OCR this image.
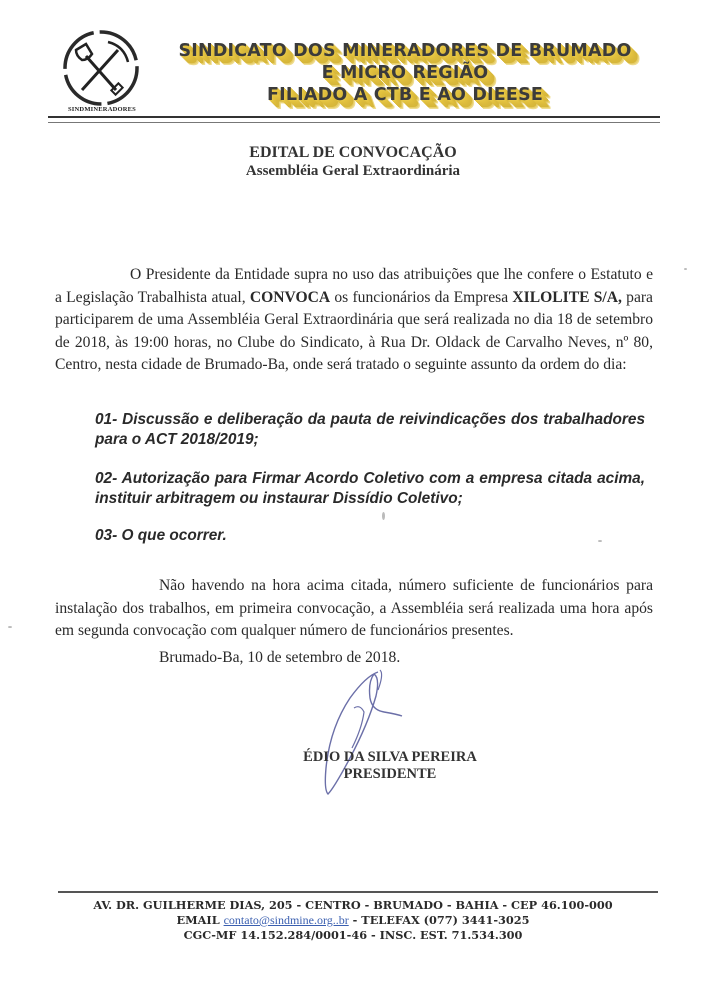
SINDMINERADORES
SINDICATO DOS MINERADORES DE BRUMADO
E MICRO REGIÃO
FILIADO A CTB E AO DIEESE
EDITAL DE CONVOCAÇÃO
Assembléia Geral Extraordinária
O Presidente da Entidade supra no uso das atribuições que lhe confere o Estatuto e a Legislação Trabalhista atual, CONVOCA os funcionários da Empresa XILOLITE S/A, para participarem de uma Assembléia Geral Extraordinária que será realizada no dia 18 de setembro de 2018, às 19:00 horas, no Clube do Sindicato, à Rua Dr. Oldack de Carvalho Neves, nº 80, Centro, nesta cidade de Brumado-Ba, onde será tratado o seguinte assunto da ordem do dia:
01- Discussão e deliberação da pauta de reivindicações dos trabalhadores para o ACT 2018/2019;
02- Autorização para Firmar Acordo Coletivo com a empresa citada acima, instituir arbitragem ou instaurar Dissídio Coletivo;
03- O que ocorrer.
Não havendo na hora acima citada, número suficiente de funcionários para instalação dos trabalhos, em primeira convocação, a Assembléia será realizada uma hora após em segunda convocação com qualquer número de funcionários presentes.
Brumado-Ba, 10 de setembro de 2018.
ÉDIO DA SILVA PEREIRA
PRESIDENTE
AV. DR. GUILHERME DIAS, 205 - CENTRO - BRUMADO - BAHIA - CEP 46.100-000
EMAIL contato@sindmine.org..br - TELEFAX (077) 3441-3025
CGC-MF 14.152.284/0001-46 - INSC. EST. 71.534.300
